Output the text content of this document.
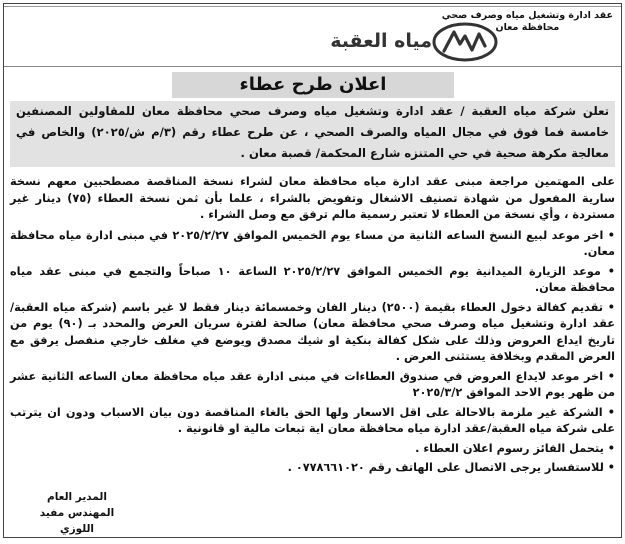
عقد ادارة وتشغيل مياه وصرف صحي
محافظة معان
مياه العقبة
اعلان طرح عطاء
تعلن شركة مياه العقبة / عقد ادارة وتشغيل مياه وصرف صحي محافظة معان للمقاولين المصنفين خامسة فما فوق في مجال المياه والصرف الصحي ، عن طرح عطاء رقم (٣/م ش/٢٠٢٥) والخاص في معالجة مكرهة صحية في حي المتنزه شارع المحكمة/ قصبة معان .

على المهتمين مراجعة مبنى عقد ادارة مياه محافظة معان لشراء نسخة المناقصة مصطحبين معهم نسخة سارية المفعول من شهادة تصنيف الاشغال وتفويض بالشراء ، علما بأن ثمن نسخة العطاء (٧٥) دينار غير مستردة ، وأي نسخة من العطاء لا تعتبر رسمية مالم ترفق مع وصل الشراء .

• اخر موعد لبيع النسخ الساعه الثانية من مساء يوم الخميس الموافق ٢٠٢٥/٢/٢٧ في مبنى ادارة مياه محافظة معان.
• موعد الزيارة الميدانية يوم الخميس الموافق ٢٠٢٥/٢/٢٧ الساعة ١٠ صباحاً والتجمع في مبنى عقد مياه محافظة معان.
• تقديم كفالة دخول العطاء بقيمة (٢٥٠٠) دينار الفان وخمسمائة دينار فقط لا غير باسم (شركة مياه العقبة/عقد ادارة وتشغيل مياه وصرف صحي محافظة معان) صالحة لفترة سريان العرض والمحدد بـ (٩٠) يوم من تاريخ ايداع العروض وذلك على شكل كفالة بنكية او شيك مصدق ويوضع في مغلف خارجي منفصل يرفق مع العرض المقدم وبخلافة يستثنى العرض .
• اخر موعد لايداع العروض في صندوق العطاءات في مبنى ادارة عقد مياه محافظة معان الساعه الثانية عشر من ظهر يوم الاحد الموافق ٢٠٢٥/٣/٢
• الشركة غير ملزمة بالاحالة على اقل الاسعار ولها الحق بالغاء المناقصة دون بيان الاسباب ودون ان يترتب على شركة مياه العقبة/عقد ادارة مياه محافظة معان اية تبعات مالية او قانونية .
• يتحمل الفائز رسوم اعلان العطاء .
• للاستفسار يرجى الاتصال على الهاتف رقم ٠٧٧٨٦٦١٠٢٠ .
المدير العام
المهندس مفيد اللوزي
